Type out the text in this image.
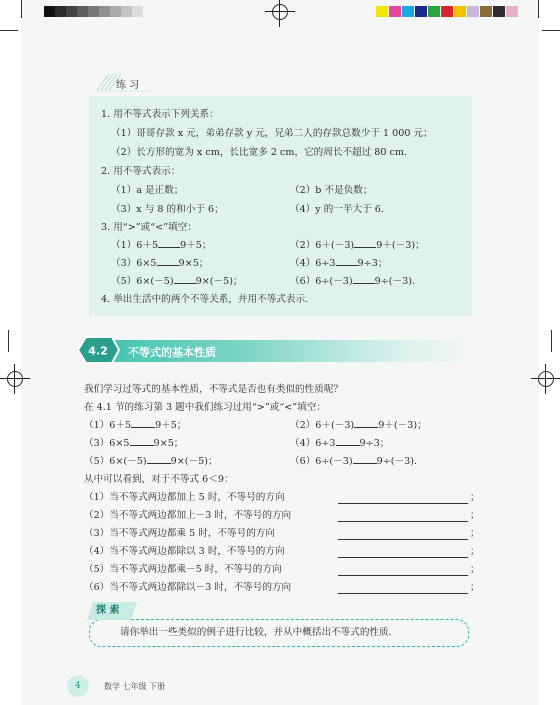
练 习
1. 用不等式表示下列关系：
（1）哥哥存款 x 元，弟弟存款 y 元，兄弟二人的存款总数少于 1 000 元；
（2）长方形的宽为 x cm，长比宽多 2 cm，它的周长不超过 80 cm.
2. 用不等式表示：
（1）a 是正数；	（2）b 不是负数；
（3）x 与 8 的和小于 6；	（4）y 的一半大于 6.
3. 用“>”或“<”填空：
（1）6＋5 9＋5；	（2）6＋(－3) 9＋(－3)；
（3）6×5 9×5；	（4）6÷3 9÷3；
（5）6×(－5) 9×(－5)；	（6）6÷(－3) 9÷(－3).
4. 举出生活中的两个不等关系，并用不等式表示.
4.2 不等式的基本性质
我们学习过等式的基本性质，不等式是否也有类似的性质呢？
在 4.1 节的练习第 3 题中我们练习过用“>”或“<”填空：
（1）6＋5	9＋5；	（2）6＋(－3)	9＋(－3)；
（3）6×5	9×5；	（4）6÷3	9÷3；
（5）6×(－5)	9×(－5)；	（6）6÷(－3)	9÷(－3).
从中可以看到，对于不等式 6＜9：
（1）当不等式两边都加上 5 时，不等号的方向	；
（2）当不等式两边都加上－3 时，不等号的方向	；
（3）当不等式两边都乘 5 时，不等号的方向	；
（4）当不等式两边都除以 3 时，不等号的方向	；
（5）当不等式两边都乘－5 时，不等号的方向	；
（6）当不等式两边都除以－3 时，不等号的方向	；
探 索
请你举出一些类似的例子进行比较，并从中概括出不等式的性质.
4	数学 七年级 下册
